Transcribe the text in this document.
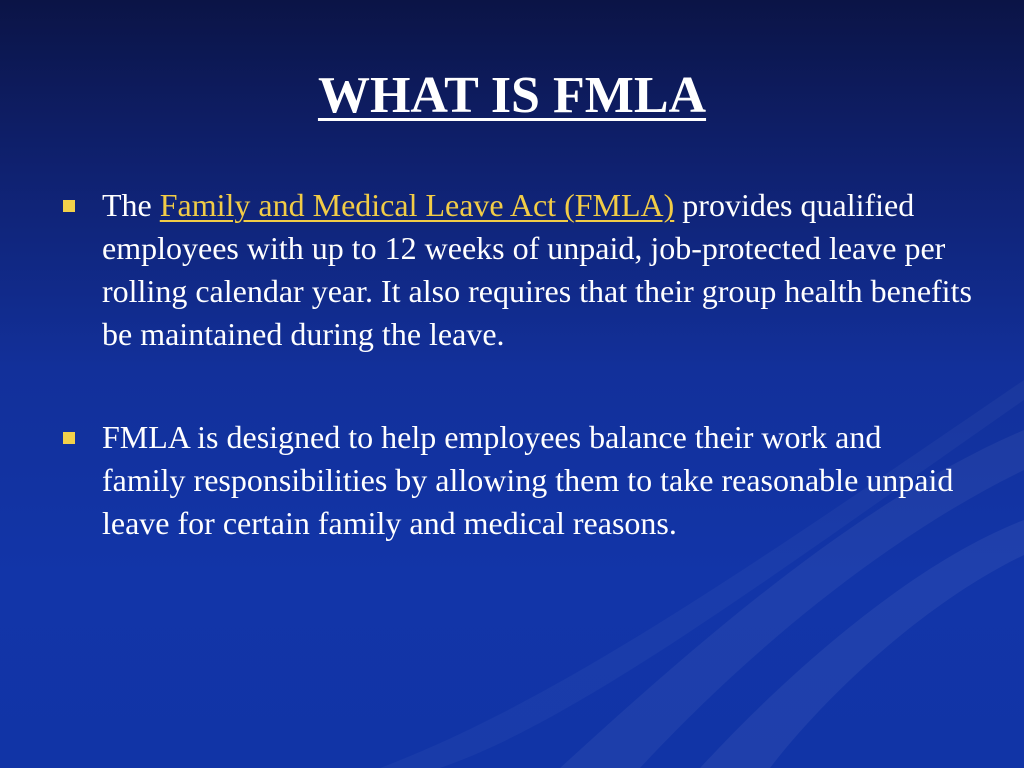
WHAT IS FMLA
The Family and Medical Leave Act (FMLA) provides qualified employees with up to 12 weeks of unpaid, job-protected leave per rolling calendar year. It also requires that their group health benefits be maintained during the leave.
FMLA is designed to help employees balance their work and family responsibilities by allowing them to take reasonable unpaid leave for certain family and medical reasons.
